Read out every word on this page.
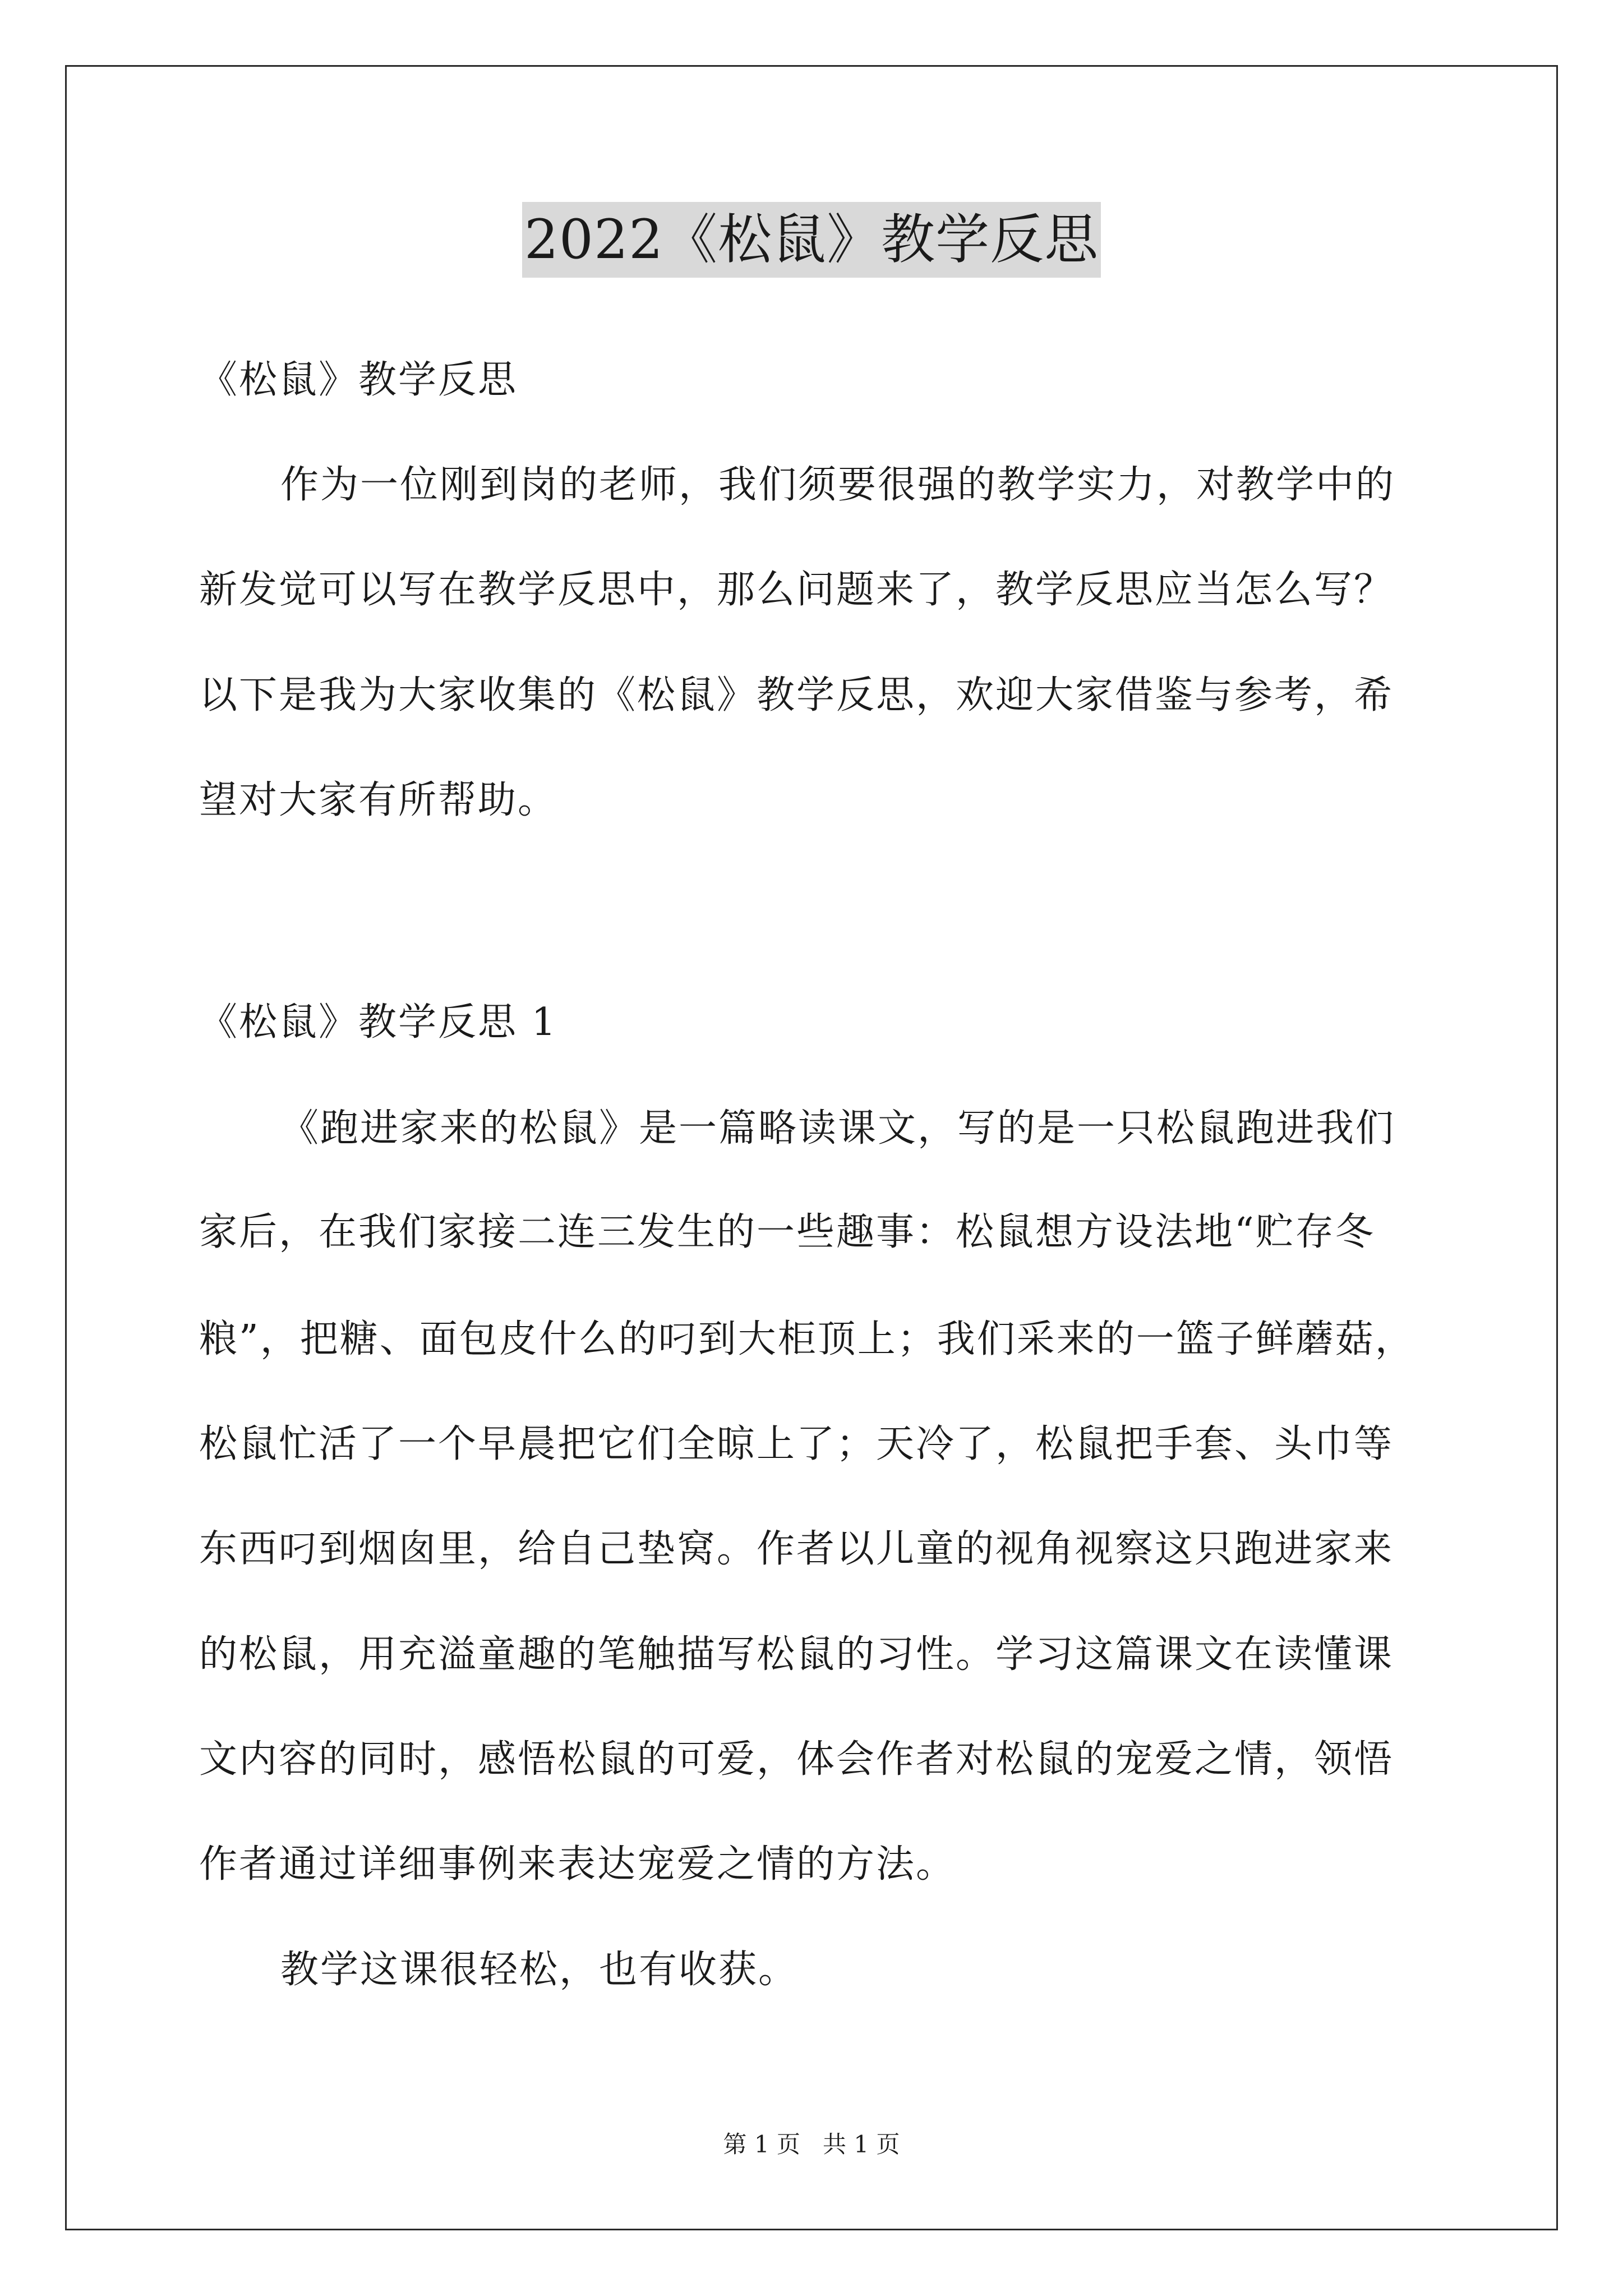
2022《松鼠》教学反思

《松鼠》教学反思

作为一位刚到岗的老师，我们须要很强的教学实力，对教学中的

新发觉可以写在教学反思中，那么问题来了，教学反思应当怎么写？

以下是我为大家收集的《松鼠》教学反思，欢迎大家借鉴与参考，希

望对大家有所帮助。

《松鼠》教学反思 1

《跑进家来的松鼠》是一篇略读课文，写的是一只松鼠跑进我们

家后，在我们家接二连三发生的一些趣事：松鼠想方设法地“贮存冬

粮”，把糖、面包皮什么的叼到大柜顶上；我们采来的一篮子鲜蘑菇，

松鼠忙活了一个早晨把它们全晾上了；天冷了，松鼠把手套、头巾等

东西叼到烟囱里，给自己垫窝。作者以儿童的视角视察这只跑进家来

的松鼠，用充溢童趣的笔触描写松鼠的习性。学习这篇课文在读懂课

文内容的同时，感悟松鼠的可爱，体会作者对松鼠的宠爱之情，领悟

作者通过详细事例来表达宠爱之情的方法。

教学这课很轻松，也有收获。

第 1 页   共 1 页
